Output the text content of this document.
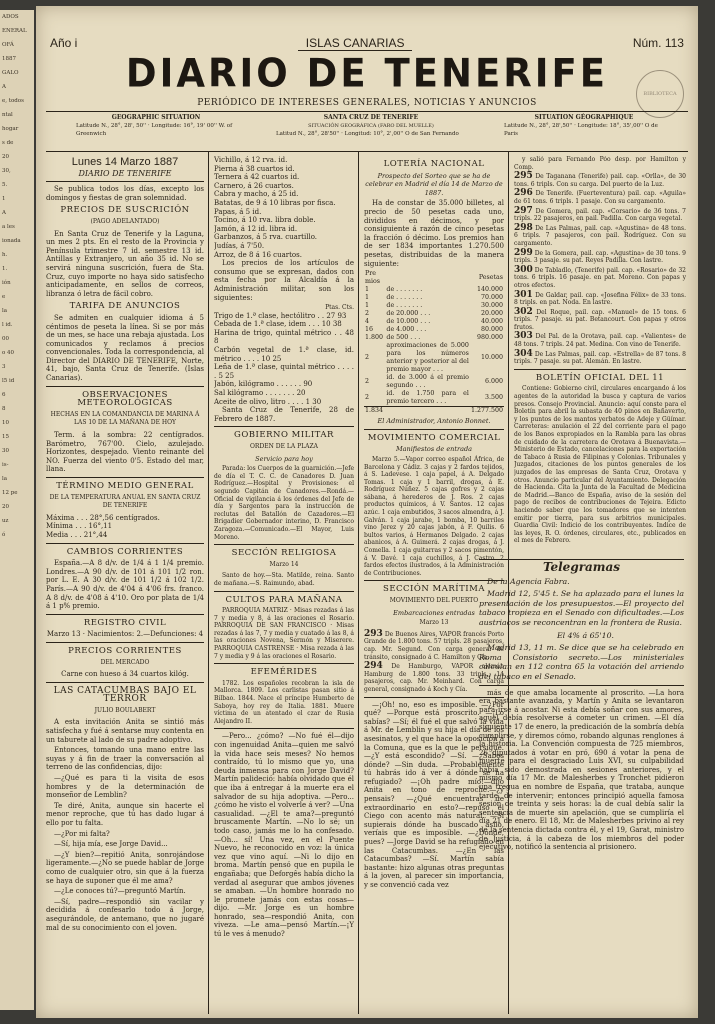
ADOS
ENERAL
OFÁ
1887
GALO
A
e, todos
ntal
hogar
s de
20
30,
5.
1
A
a les
ionada
h.
1.
ión
e
la
l id.
00
o 40
3
l5 id
6
8
10
15
30
is-
la
12 pe
20
uz
ó
Año i	ISLAS CANARIAS	Núm. 113
DIARIO DE TENERIFE
PERIÓDICO DE INTERESES GENERALES, NOTICIAS Y ANUNCIOS
BIBLIOTECA
GEOGRAPHIC SITUATION
Latitude N., 28°, 28', 50'' · Longitude: 16°, 19' 00'' W. of Greenwich
SANTA CRUZ DE TENERIFE
SITUACIÓN GEOGRÁFICA (FARO DEL MUELLE)
Latitud N., 28°, 28'50'' · Longitud: 10°, 2',00'' O de San Fernando
SITUATION GÉOGRAPHIQUE
Latitude N., 28°, 28',50'' · Longitude: 18°, 35',00'' O de Paris
Lunes 14 Marzo 1887
DIARIO DE TENERIFE

Se publica todos los días, excepto los domingos y fiestas de gran solemnidad.

PRECIOS DE SUSCRICIÓN
(PAGO ADELANTADO)

En Santa Cruz de Tenerife y la Laguna, un mes 2 pts. En el resto de la Provincia y Península trimestre 7 id. semestre 13 id. Antillas y Extranjero, un año 35 id. No se servirá ninguna suscrición, fuera de Sta. Cruz, cuyo importe no haya sido satisfecho anticipadamente, en sellos de correos, libranza ó letra de fácil cobro.

TARIFA DE ANUNCIOS

Se admiten en cualquier idioma á 5 céntimos de peseta la línea. Si se por más de un mes, se hace una rebaja ajustada. Los comunicados y reclamos á precios convencionales. Toda la correspondencia, al Director del DIARIO DE TENERIFE, Norte, 41, bajo, Santa Cruz de Tenerife. (Islas Canarias).

OBSERVACIONES METEOROLÓGICAS
HECHAS EN LA COMANDANCIA DE MARINA Á LAS 10 DE LA MAÑANA DE HOY

Term. á la sombra: 22 centígrados. Barómetro, 767'00. Cielo, azulejado. Horizontes, despejado. Viento reinante del NO. Fuerza del viento 0'5. Estado del mar, llana.

TÉRMINO MEDIO GENERAL
DE LA TEMPERATURA ANUAL EN SANTA CRUZ DE TENERIFE
Máxima . . . 28°,56 centígrados.
Mínima . . . 16°,11
Media . . . 21°,44
CAMBIOS CORRIENTES

España.—A 8 d/v. de 1/4 á 1 1/4 premio. Londres.—A 90 d/v. de 101 á 101 1/2 ron. por L. E. A 30 d/v. de 101 1/2 á 102 1/2. París.—A 90 d/v. de 4'04 á 4'06 frs. franco. A 8 d/v. de 4'08 á 4'10. Oro por plata de 1/4 á 1 p% premio.

REGISTRO CIVIL
Marzo 13 · Nacimientos: 2.—Defunciones: 4
PRECIOS CORRIENTES
DEL MERCADO
Carne con hueso á 34 cuartos kilóg.
LAS CATACUMBAS BAJO EL TERROR
JULIO BOULABERT

A esta invitación Anita se sintió más satisfecha y fué á sentarse muy contenta en un taburete al lado de su padre adoptivo.

Entonces, tomando una mano entre las suyas y á fin de traer la conversación al terreno de las confidencias, dijo:

—¿Qué es para ti la visita de esos hombres y de la determinación de monseñor de Lemblin?

Te diré, Anita, aunque sin hacerte el menor reproche, que tú has dado lugar á ello por tu falta.

—¿Por mi falta?

—Sí, hija mía, ese Jorge David...

—¿Y bien?—repitió Anita, sonrojándose ligeramente.—¿No se puede hablar de Jorge como de cualquier otro, sin que á la fuerza se haya de suponer que él me ama?

—¿Le conoces tú?—preguntó Martín.

—Sí, padre—respondió sin vacilar y decidida á confesarlo todo á Jorge, asegurándole, de antemano, que no jugaré mal de su conocimiento con el joven.

Vichillo, á 12 rva. id.
Pierna á 38 cuartos id.
Ternera á 42 cuartos id.
Carnero, á 26 cuartos.
Cabra y macho, á 25 id.
Batatas, de 9 á 10 libras por fisca.
Papas, á 5 id.
Tocino, á 10 rva. libra doble.
Jamón, á 12 id. libra id.
Garbanzos, á 5 rva. cuartillo.
Judías, á 7'50.
Arroz, de 8 á 16 cuartos.

Los precios de los artículos de consumo que se expresan, dados con esta fecha por la Alcaldía á la Administración militar, son los siguientes:

Ptas. Cts.
Trigo de 1.ª clase, hectólitro . . 27 93
Cebada de 1.ª clase, idem . . . 10 38
Harina de trigo, quintal métrico . . 48 8
Carbón vegetal de 1.ª clase, id. métrico . . . . 10 25
Leña de 1.ª clase, quintal métrico . . . . . 5 25
Jabón, kilógramo . . . . . . 90
Sal kilógramo . . . . . . . 20
Aceite de olivo, litro . . . . 1 30

Santa Cruz de Tenerife, 28 de Febrero de 1887.

GOBIERNO MILITAR
ORDEN DE LA PLAZA
Servicio para hoy

Parada: los Cuerpos de la guarnición.—Jefe de día el T. C. C. de Canadores D. Juan Rodríguez.—Hospital y Provisiones: el segundo Capitán de Canadores.—Rondá.—Oficial de vigilancia á los órdenes del Jefe de día y Sargentos para la instrucción de reclutas del Batallón de Cazadores.—El Brigadier Gobernador interino, D. Francisco Zaragoza.—Comunicado.—El Mayor, Luis Moreno.

SECCIÓN RELIGIOSA
Marzo 14

Santo de hoy.—Sta. Matilde, reina. Santo de mañana.—S. Raimundo, abad.

CULTOS PARA MAÑANA

PARROQUIA MATRIZ · Misas rezadas á las 7 y media y 8, á las oraciones el Rosario. PARROQUIA DE SAN FRANCISCO · Misas rezadas á las 7, 7 y media y cuatado á las 8, á las oraciones Novena, Sermón y Miserere. PARROQUIA CASTRENSE · Misa rezada á las 7 y media y 9 á las oraciones el Rosario.

EFEMÉRIDES

1782. Los españoles recobran la isla de Mallorca. 1809. Los carlistas pasan sitio á Bilbao. 1844. Nace el príncipe Humberto de Saboya, hoy rey de Italia. 1881. Muere víctima de un atentado el czar de Rusia Alejandro II.

—Pero... ¿cómo? —No fué él—dijo con ingenuidad Anita—quien me salvó la vida hace seis meses? No hemos contraído, tú lo mismo que yo, una deuda inmensa para con Jorge David? Martín palideció: había olvidado que él que iba á entregar á la muerte era el salvador de su hija adoptiva. —Pero... ¿cómo he visto el volverle á ver? —Una casualidad. —¿El te ama?—preguntó bruscamente Martín. —No lo sé; un todo caso, jamás me lo ha confesado. —Oh... sí! Una vez, en el Puente Nuevo, he reconocido en voz: la única vez que vino aquí. —Ni lo dijo en broma. Martín pensó que en pupila le engañaba; que Deforgês había dicho la verdad al asegurar que ambos jóvenes se amaban. —Un hombre honrado no le promete jamás con estas cosas—dijo. —Mr. Jorge es un hombre honrado, sea—respondió Anita, con viveza. —Le ama—pensó Martín.—¡Y tú le ves á menudo?

LOTERÍA NACIONAL
Prospecto del Sorteo que se ha de celebrar en Madrid el día 14 de Marzo de 1887.

Ha de constar de 35.000 billetes, al precio de 50 pesetas cada uno, divididos en décimos, y por consiguiente á razón de cinco pesetas la fracción ó décimo. Los premios han de ser 1834 importantes 1.270.500 pesetas, distribuidas de la manera siguiente:

Pre mios		Pesetas
1	de . . . . . . .	140.000
1	de . . . . . . .	70.000
1	de . . . . . . .	30.000
2	de 20.000 . . .	20.000
4	de 10.000 . . .	40.000
16	de 4.000 . . .	80.000
1.800	de 500 . . .	980.000
2	aproximaciones de 5.000 para los números anterior y posterior al del premio mayor . . .	10.000
2	id. de 3.000 á el premio segundo . . .	6.000
2	id. de 1.750 para el premio tercero . . .	3.500
1.834		1.277.500
El Administrador, Antonio Bonnet.
MOVIMIENTO COMERCIAL
Manifiestos de entrada

Marzo 5.—Vapor correo español África, de Barcelona y Cádiz. 3 cajas y 2 fardos tejidos, á S. Ladevese. 1 caja papel, á A. Delgado Tomas. 1 caja y 1 barril, drogas, á E. Rodríguez Núñez. 5 cajas gofres y 2 cajas sábana, á herederos de J. Ros. 2 cajas productos químicos, á V. Santos. 12 cajas azúc. 1 caja embutidos, 3 sacos almendra, á J. Galván. 1 caja jarabe, 1 bomba, 10 barriles vino Jerez y 20 cajas jabón, á F. Quilis. 6 bultos varios, á Hermanos Delgado. 2 cajas abanicos, á A. Guimerá. 2 cajas drogas, á J. Comella. 1 caja guitarras y 2 sacos pimentón, á V. Davé. 1 caja cuchillos, á J. Castro. 2 fardos efectos ilustrados, á la Administración de Contribuciones.

SECCIÓN MARÍTIMA
MOVIMIENTO DEL PUERTO
Embarcaciones entradas
Marzo 13

293 De Buenos Aires, VAPOR francés Porto Grande de 1.800 tons. 57 tripls. 28 pasajeros, cap. Mr. Segund. Con carga general de tránsito, consignado á C. Hamilton y Cía.

294 De Hamburgo, VAPOR alemán Hamburg de 1.800 tons. 33 tripls., 14 pasajeros, cap. Mr. Meinhard. Con carga general, consignado á Koch y Cía.

—¡Oh! no, eso es imposible. —¿Por qué? —Porque está proscrito. —¡Lo sabías? —Sí; él fué el que salvó la vida á Mr. de Lemblin y su hija el día de los asesinatos, y el que hace la oposición á la Comuna, que es la que le persigue. —¿Y está escondido? —Sí. —¿Sabes dónde? —Sin duda. —Probablemente tú habrás ido á ver á dónde se ha refugiado? —¡Oh padre mío!—dijo Anita en tono de reproche.—¿y pensais? —¿Qué encuentras de extraordinario en esto?—repuso el Ciego con acento más natural. —Si supierais dónde ha buscado asilo, veríais que es imposible. —¿Dónde, pues? —Jorge David se ha refugiado en las Catacumbas. —¿En las Catacumbas? —Sí. Martín sabía bastante: hizo algunas otras preguntas á la joven, al parecer sin importancia, y se convenció cada vez

y salió para Fernando Póo desp. por Hamilton y Comp.

295 De Taganana (Tenerife) pail. cap. «Orlla», de 30 tons. 6 tripls. Con su carga. Del puerto de la Luz.

296 De Tenerife. (Fuerteventura) pail. cap. «Aguila» de 61 tons. 6 tripls. 1 pasaje. Con su cargamento.

297 De Gomera, pail. cap. «Corsario» de 36 tons. 7 tripls. 22 pasajeros, en pail. Padilla. Con carga vegetal.

298 De Las Palmas, pail. cap. «Agustina» de 48 tons. 6 tripls. 7 pasajeros, con pail. Rodríguez. Con su cargamento.

299 De la Gomera, pail. cap. «Agustina» de 30 tons. 9 tripls. 3 pasaje. su pat. Reyes Padilla. Con lastre.

300 De Tabladlo, (Tenerife) pail. cap. «Rosario» de 32 tons. 6 tripls. 16 pasaje. en pat. Moreno. Con papas y otros efectos.

301 De Galdar, pail. cap. «Josefina Félix» de 33 tons. 8 tripls. en pat. Noda. En lastre.

302 Del Roque, pail. cap. «Manuel» de 15 tons. 6 tripls. 7 pasaje. su pat. Betancourt. Con papas y otros frutos.

303 Del Pal. de la Orotava, pail. cap. «Valientes» de 48 tons. 7 tripls. 24 pat. Medina. Con vino de Tenerife.

304 De Las Palmas, pail. cap. «Estrella» de 87 tons. 8 tripls. 7 pasaje. su pat. Alemán. En lastre.

BOLETÍN OFICIAL DEL 11

Contiene: Gobierno civil, circulares encargando á los agentes de la autoridad la busca y captura de varios presos. Consejo Provincial. Anuncio: aquí conste para el Boletín para abril la subasta de 40 pinos en Bañaverto, y los puntos de los mantos yerbatos de Adeje y Güímar. Carreteras: anulación el 22 del corriente para el pago de los Banos expropiados en la Rambla para las obras de cuidado de la carretera de Orotava á Buenavista.—Ministerio de Estado, cancelaciones para la exportación de Tabaco á Rusia de Filipinas y Colonias. Tribunales y Juzgados, citaciones de los puntos generales de los juzgados de las empresas de Santa Cruz, Orotava y otros. Anuncio particular del Ayuntamiento. Delegación de Hacienda. Cita la Junta de la Facultad de Medicina de Madrid.—Banco de España, aviso de la sesión del pago de recibos de contribuciones de Tejeira. Edicto haciendo saber que los tomadores que se intenten emitir por tierra, para sus arbitrios municipales. Guardia Civil: Indicio de los contribuyentes. Indice de las leyes, R. O. órdenes, circulares, etc., publicados en el mes de Febrero.

Telegramas

De la Agencia Fabra.

Madrid 12, 5'45 t. Se ha aplazado para el lunes la presentación de los presupuestos.—El proyecto del tabaco tropieza en el Senado con dificultades.—Los austriacos se reconcentran en la frontera de Rusia.

El 4% á 65'10.

Madrid 13, 11 m. Se dice que se ha celebrado en Roma Consistorio secreto.—Los ministeriales calculan en 112 contra 65 la votación del arriendo del tabaco en el Senado.

más de que amaba locamente al proscrito. —La hora era bastante avanzada, y Martín y Anita se levantaron para irse á acostar. Ni esta debía soñar con sus amores, aquel debía resolverse á cometer un crimen. —El día siguiente 17 de enero, la predicación de la sombría debía cumplirse, y diremos cómo, robando algunas renglones á la historia. La Convención compuesta de 725 miembros, 26 diputados á votar en pró, 690 á votar la pena de muerte para el desgraciado Luis XVI, su culpabilidad había sido demostrada en sesiones anteriores, y el mismo día 17 Mr. de Malesherbes y Tronchet pidieron una tregua en nombre de España, que trataba, aunque tarde, de intervenir; entonces principió aquella famosa sesión de treinta y seis horas: la de cual debía salir la sentencia de muerte sin apelación, que se cumpliría el día 21 de enero. El 18, Mr. de Malesherbes privino al rey de la sentencia dictada contra él, y el 19, Garat, ministro de Justicia, á la cabeza de los miembros del poder ejecutivo, notificó la sentencia al prisionero.
